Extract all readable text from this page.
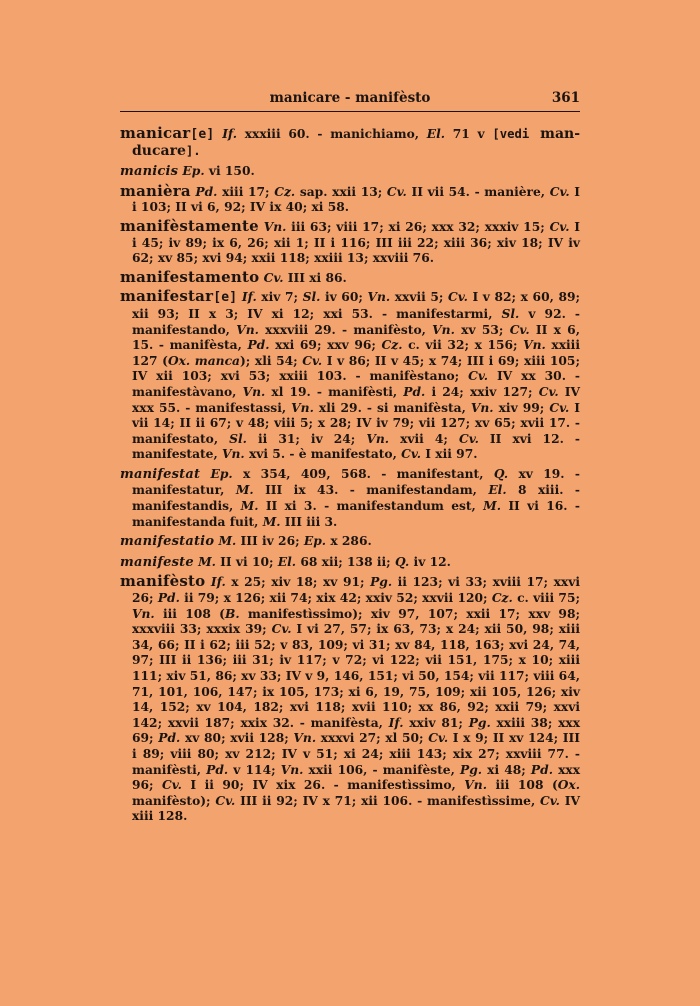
manicare - manifèsto	361
manicar[e] If. xxxiii 60. - manichiamo, El. 71 v [vedi man-ducare].
manicis Ep. vi 150.
manièra Pd. xiii 17; Cz. sap. xxii 13; Cv. II vii 54. - manière, Cv. I i 103; II vi 6, 92; IV ix 40; xi 58.
manifèstamente Vn. iii 63; viii 17; xi 26; xxx 32; xxxiv 15; Cv. I i 45; iv 89; ix 6, 26; xii 1; II i 116; III iii 22; xiii 36; xiv 18; IV iv 62; xv 85; xvi 94; xxii 118; xxiii 13; xxviii 76.
manifestamento Cv. III xi 86.
manifestar[e] If. xiv 7; Sl. iv 60; Vn. xxvii 5; Cv. I v 82; x 60, 89; xii 93; II x 3; IV xi 12; xxi 53. - manifestarmi, Sl. v 92. - manifestando, Vn. xxxviii 29. - manifèsto, Vn. xv 53; Cv. II x 6, 15. - manifèsta, Pd. xxi 69; xxv 96; Cz. c. vii 32; x 156; Vn. xxiii 127 (Ox. manca); xli 54; Cv. I v 86; II v 45; x 74; III i 69; xiii 105; IV xii 103; xvi 53; xxiii 103. - manifèstano; Cv. IV xx 30. - manifestàvano, Vn. xl 19. - manifèsti, Pd. i 24; xxiv 127; Cv. IV xxx 55. - manifestassi, Vn. xli 29. - si manifèsta, Vn. xiv 99; Cv. I vii 14; II ii 67; v 48; viii 5; x 28; IV iv 79; vii 127; xv 65; xvii 17. - manifestato, Sl. ii 31; iv 24; Vn. xvii 4; Cv. II xvi 12. - manifestate, Vn. xvi 5. - è manifestato, Cv. I xii 97.
manifestat Ep. x 354, 409, 568. - manifestant, Q. xv 19. - manifestatur, M. III ix 43. - manifestandam, El. 8 xiii. - manifestandis, M. II xi 3. - manifestandum est, M. II vi 16. - manifestanda fuit, M. III iii 3.
manifestatio M. III iv 26; Ep. x 286.
manifeste M. II vi 10; El. 68 xii; 138 ii; Q. iv 12.
manifèsto If. x 25; xiv 18; xv 91; Pg. ii 123; vi 33; xviii 17; xxvi 26; Pd. ii 79; x 126; xii 74; xix 42; xxiv 52; xxvii 120; Cz. c. viii 75; Vn. iii 108 (B. manifestìssimo); xiv 97, 107; xxii 17; xxv 98; xxxviii 33; xxxix 39; Cv. I vi 27, 57; ix 63, 73; x 24; xii 50, 98; xiii 34, 66; II i 62; iii 52; v 83, 109; vi 31; xv 84, 118, 163; xvi 24, 74, 97; III ii 136; iii 31; iv 117; v 72; vi 122; vii 151, 175; x 10; xiii 111; xiv 51, 86; xv 33; IV v 9, 146, 151; vi 50, 154; vii 117; viii 64, 71, 101, 106, 147; ix 105, 173; xi 6, 19, 75, 109; xii 105, 126; xiv 14, 152; xv 104, 182; xvi 118; xvii 110; xx 86, 92; xxii 79; xxvi 142; xxvii 187; xxix 32. - manifèsta, If. xxiv 81; Pg. xxiii 38; xxx 69; Pd. xv 80; xvii 128; Vn. xxxvi 27; xl 50; Cv. I x 9; II xv 124; III i 89; viii 80; xv 212; IV v 51; xi 24; xiii 143; xix 27; xxviii 77. - manifèsti, Pd. v 114; Vn. xxii 106, - manifèste, Pg. xi 48; Pd. xxx 96; Cv. I ii 90; IV xix 26. - manifestìssimo, Vn. iii 108 (Ox. manifèsto); Cv. III ii 92; IV x 71; xii 106. - manifestìssime, Cv. IV xiii 128.
